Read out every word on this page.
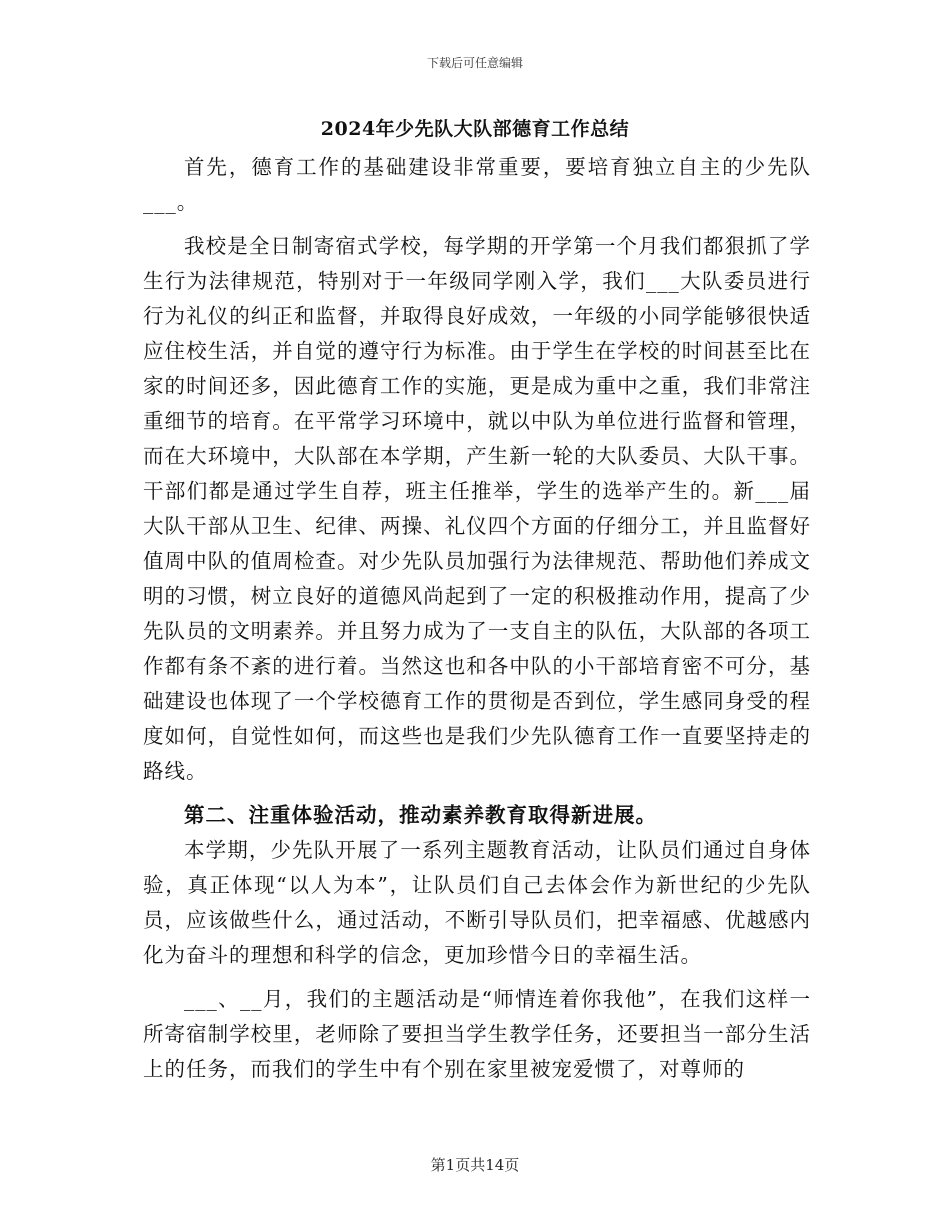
下载后可任意编辑
2024年少先队大队部德育工作总结

首先，德育工作的基础建设非常重要，要培育独立自主的少先队___。

我校是全日制寄宿式学校，每学期的开学第一个月我们都狠抓了学生行为法律规范，特别对于一年级同学刚入学，我们___大队委员进行行为礼仪的纠正和监督，并取得良好成效，一年级的小同学能够很快适应住校生活，并自觉的遵守行为标准。由于学生在学校的时间甚至比在家的时间还多，因此德育工作的实施，更是成为重中之重，我们非常注重细节的培育。在平常学习环境中，就以中队为单位进行监督和管理，而在大环境中，大队部在本学期，产生新一轮的大队委员、大队干事。干部们都是通过学生自荐，班主任推举，学生的选举产生的。新___届大队干部从卫生、纪律、两操、礼仪四个方面的仔细分工，并且监督好值周中队的值周检查。对少先队员加强行为法律规范、帮助他们养成文明的习惯，树立良好的道德风尚起到了一定的积极推动作用，提高了少先队员的文明素养。并且努力成为了一支自主的队伍，大队部的各项工作都有条不紊的进行着。当然这也和各中队的小干部培育密不可分，基础建设也体现了一个学校德育工作的贯彻是否到位，学生感同身受的程度如何，自觉性如何，而这些也是我们少先队德育工作一直要坚持走的路线。

第二、注重体验活动，推动素养教育取得新进展。

本学期，少先队开展了一系列主题教育活动，让队员们通过自身体验，真正体现“以人为本”，让队员们自己去体会作为新世纪的少先队员，应该做些什么，通过活动，不断引导队员们，把幸福感、优越感内化为奋斗的理想和科学的信念，更加珍惜今日的幸福生活。

___、__月，我们的主题活动是“师情连着你我他”，在我们这样一所寄宿制学校里，老师除了要担当学生教学任务，还要担当一部分生活上的任务，而我们的学生中有个别在家里被宠爱惯了，对尊师的

第1页共14页
